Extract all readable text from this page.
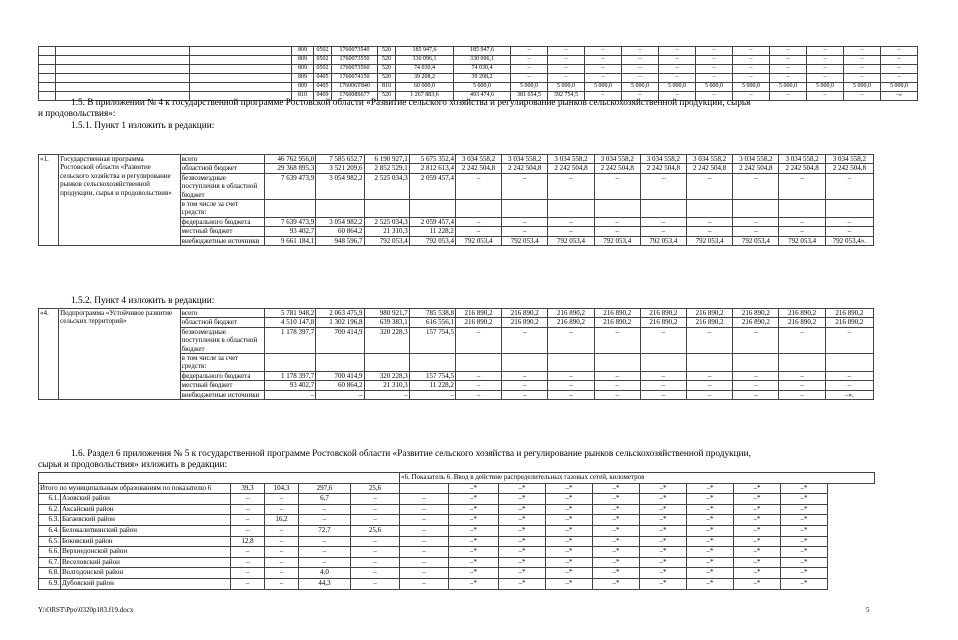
			809	0502	1760073540	520	185 947,6	185 947,6	–	–	–	–	–	–	–	–	–	–	–
			809	0502	1760073550	520	330 096,1	330 096,1	–	–	–	–	–	–	–	–	–	–	–
			809	0502	1760073560	520	74 030,4	74 030,4	–	–	–	–	–	–	–	–	–	–	–
			809	0405	1760074150	520	39 208,2	39 208,2	–	–	–	–	–	–	–	–	–	–	–
			809	0405	176006Т840	810	60 000,0	5 000,0	5 000,0	5 000,0	5 000,0	5 000,0	5 000,0	5 000,0	5 000,0	5 000,0	5 000,0	5 000,0	5 000,0
			810	0409	176008S677	520	1 267 883,6	493 474,6	381 654,5	392 754,5	–	–	–	–	–	–	–	–	–»
1.5. В приложении № 4 к государственной программе Ростовской области «Развитие сельского хозяйства и регулирование рынков сельскохозяйственной продукции, сырья
и продовольствия»:
1.5.1. Пункт 1 изложить в редакции:
«1.	Государственная программа Ростовской области «Развитие сельского хозяйства и регулирование рынков сельскохозяйственной продукции, сырья и продовольствия»	всего	46 762 956,0	7 585 652,7	6 190 927,1	5 675 352,4	3 034 558,2	3 034 558,2	3 034 558,2	3 034 558,2	3 034 558,2	3 034 558,2	3 034 558,2	3 034 558,2	3 034 558,2
		областной бюджет	29 368 895,3	3 521 209,6	2 852 529,1	2 812 613,4	2 242 504,8	2 242 504,8	2 242 504,8	2 242 504,8	2 242 504,8	2 242 504,8	2 242 504,8	2 242 504,8	2 242 504,8
		безвозмездные поступления в областной бюджет	7 639 473,9	3 054 982,2	2 525 034,3	2 059 457,4	–	–	–	–	–	–	–	–	–
		в том числе за счет средств:													
		федерального бюджета	7 639 473,9	3 054 982,2	2 525 034,3	2 059 457,4	–	–	–	–	–	–	–	–	–
		местный бюджет	93 402,7	60 864,2	21 310,3	11 228,2	–	–	–	–	–	–	–	–	–
		внебюджетные источники	9 661 184,1	948 596,7	792 053,4	792 053,4	792 053,4	792 053,4	792 053,4	792 053,4	792 053,4	792 053,4	792 053,4	792 053,4	792 053,4».
1.5.2. Пункт 4 изложить в редакции:
«4.	Подпрограмма «Устойчивое развитие сельских территорий»	всего	5 781 948,2	2 063 475,9	980 921,7	785 538,8	216 890,2	216 890,2	216 890,2	216 890,2	216 890,2	216 890,2	216 890,2	216 890,2	216 890,2
		областной бюджет	4 510 147,8	1 302 196,8	639 383,1	616 556,1	216 890,2	216 890,2	216 890,2	216 890,2	216 890,2	216 890,2	216 890,2	216 890,2	216 890,2
		безвозмездные поступления в областной бюджет	1 178 397,7	700 414,9	320 228,3	157 754,5	–	–	–	–	–	–	–	–	–
		в том числе за счет средств:													
		федерального бюджета	1 178 397,7	700 414,9	320 228,3	157 754,5	–	–	–	–	–	–	–	–	–
		местный бюджет	93 402,7	60 864,2	21 310,3	11 228,2	–	–	–	–	–	–	–	–	–
		внебюджетные источники	–	–	–	–	–	–	–	–	–	–	–	–	–».
1.6. Раздел 6 приложения № 5 к государственной программе Ростовской области «Развитие сельского хозяйства и регулирование рынков сельскохозяйственной продукции,
сырья и продовольствия» изложить в редакции:
						«6. Показатель 6. Ввод в действие распределительных газовых сетей, километров								
Итого по муниципальным образованиям по показателю 6		39,3	104,3	297,6	25,6		–*	–*	–*	–*	–*	–*	–*	–*
6.1.	Азовский район	–	–	6,7	–	–	–*	–*	–*	–*	–*	–*	–*	–*
6.2.	Аксайский район	–	–	–	–	–	–*	–*	–*	–*	–*	–*	–*	–*
6.3.	Багаевский район	–	16,2	–	–	–	–*	–*	–*	–*	–*	–*	–*	–*
6.4.	Белокалитвинский район	–	–	72,7	25,6	–	–*	–*	–*	–*	–*	–*	–*	–*
6.5.	Боковский район	12,8	–	–	–	–	–*	–*	–*	–*	–*	–*	–*	–*
6.6.	Верхнедонской район	–	–	–	–	–	–*	–*	–*	–*	–*	–*	–*	–*
6.7.	Веселовский район	–	–	–	–	–	–*	–*	–*	–*	–*	–*	–*	–*
6.8.	Волгодонской район	–	–	4,0	–	–	–*	–*	–*	–*	–*	–*	–*	–*
6.9.	Дубовский район	–	–	44,3	–	–	–*	–*	–*	–*	–*	–*	–*	–*
Y:\ORST\Ppo\0320p183.f19.docx	5
